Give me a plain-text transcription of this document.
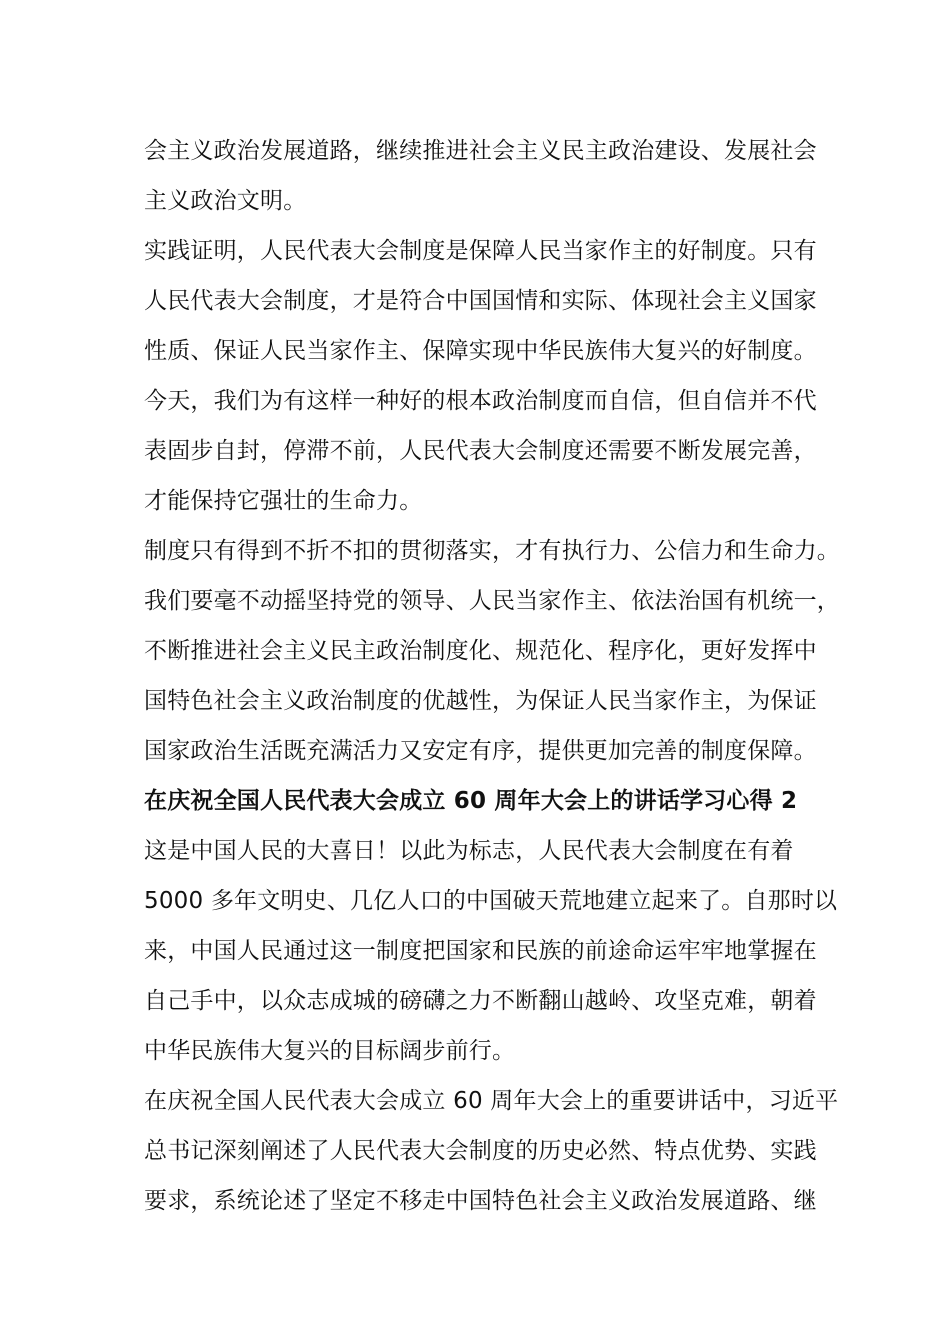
会主义政治发展道路，继续推进社会主义民主政治建设、发展社会
主义政治文明。
实践证明，人民代表大会制度是保障人民当家作主的好制度。只有
人民代表大会制度，才是符合中国国情和实际、体现社会主义国家
性质、保证人民当家作主、保障实现中华民族伟大复兴的好制度。
今天，我们为有这样一种好的根本政治制度而自信，但自信并不代
表固步自封，停滞不前，人民代表大会制度还需要不断发展完善，
才能保持它强壮的生命力。
制度只有得到不折不扣的贯彻落实，才有执行力、公信力和生命力。
我们要毫不动摇坚持党的领导、人民当家作主、依法治国有机统一，
不断推进社会主义民主政治制度化、规范化、程序化，更好发挥中
国特色社会主义政治制度的优越性，为保证人民当家作主，为保证
国家政治生活既充满活力又安定有序，提供更加完善的制度保障。
在庆祝全国人民代表大会成立 60 周年大会上的讲话学习心得 2
这是中国人民的大喜日！以此为标志，人民代表大会制度在有着
5000 多年文明史、几亿人口的中国破天荒地建立起来了。自那时以
来，中国人民通过这一制度把国家和民族的前途命运牢牢地掌握在
自己手中，以众志成城的磅礴之力不断翻山越岭、攻坚克难，朝着
中华民族伟大复兴的目标阔步前行。
在庆祝全国人民代表大会成立 60 周年大会上的重要讲话中，习近平
总书记深刻阐述了人民代表大会制度的历史必然、特点优势、实践
要求，系统论述了坚定不移走中国特色社会主义政治发展道路、继
